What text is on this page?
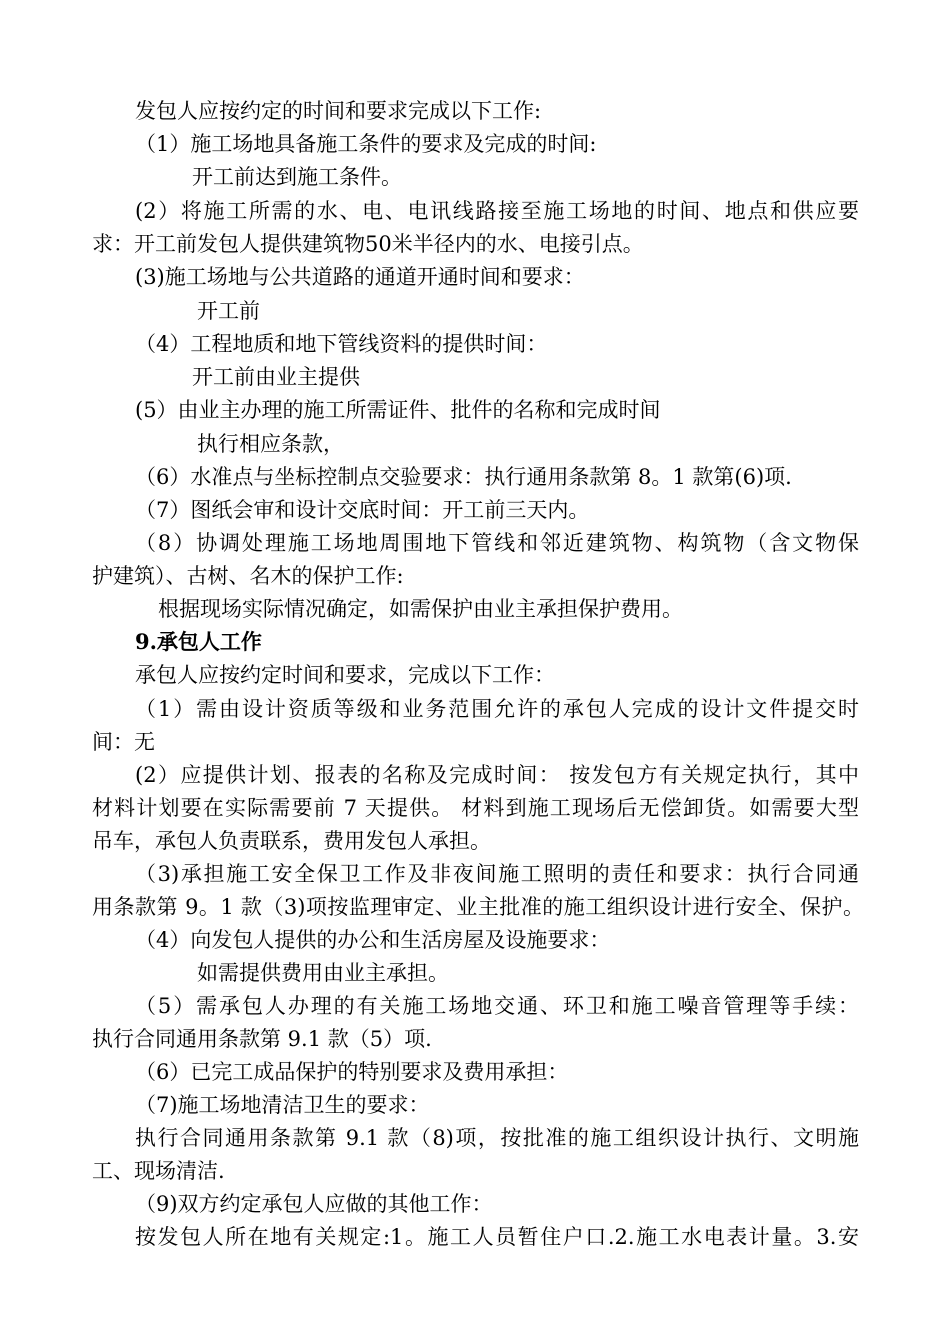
发包人应按约定的时间和要求完成以下工作:
（1）施工场地具备施工条件的要求及完成的时间:
开工前达到施工条件。
(2）将施工所需的水、电、电讯线路接至施工场地的时间、地点和供应要
求：开工前发包人提供建筑物50米半径内的水、电接引点。
(3)施工场地与公共道路的通道开通时间和要求：
开工前
（4）工程地质和地下管线资料的提供时间：
开工前由业主提供
(5）由业主办理的施工所需证件、批件的名称和完成时间
执行相应条款，
（6）水准点与坐标控制点交验要求：执行通用条款第 8。1 款第(6)项.
（7）图纸会审和设计交底时间：开工前三天内。
（8）协调处理施工场地周围地下管线和邻近建筑物、构筑物（含文物保
护建筑）、古树、名木的保护工作:
根据现场实际情况确定，如需保护由业主承担保护费用。
9.承包人工作
承包人应按约定时间和要求，完成以下工作：
（1）需由设计资质等级和业务范围允许的承包人完成的设计文件提交时
间：无
(2）应提供计划、报表的名称及完成时间： 按发包方有关规定执行，其中
材料计划要在实际需要前 7 天提供。 材料到施工现场后无偿卸货。如需要大型
吊车，承包人负责联系，费用发包人承担。
（3)承担施工安全保卫工作及非夜间施工照明的责任和要求：执行合同通
用条款第 9。1 款（3)项按监理审定、业主批准的施工组织设计进行安全、保护。
（4）向发包人提供的办公和生活房屋及设施要求：
如需提供费用由业主承担。
（5）需承包人办理的有关施工场地交通、环卫和施工噪音管理等手续：
执行合同通用条款第 9.1 款（5）项.
（6）已完工成品保护的特别要求及费用承担：
（7)施工场地清洁卫生的要求：
执行合同通用条款第 9.1 款（8)项，按批准的施工组织设计执行、文明施
工、现场清洁.
（9)双方约定承包人应做的其他工作：
按发包人所在地有关规定:1。施工人员暂住户口.2.施工水电表计量。3.安
